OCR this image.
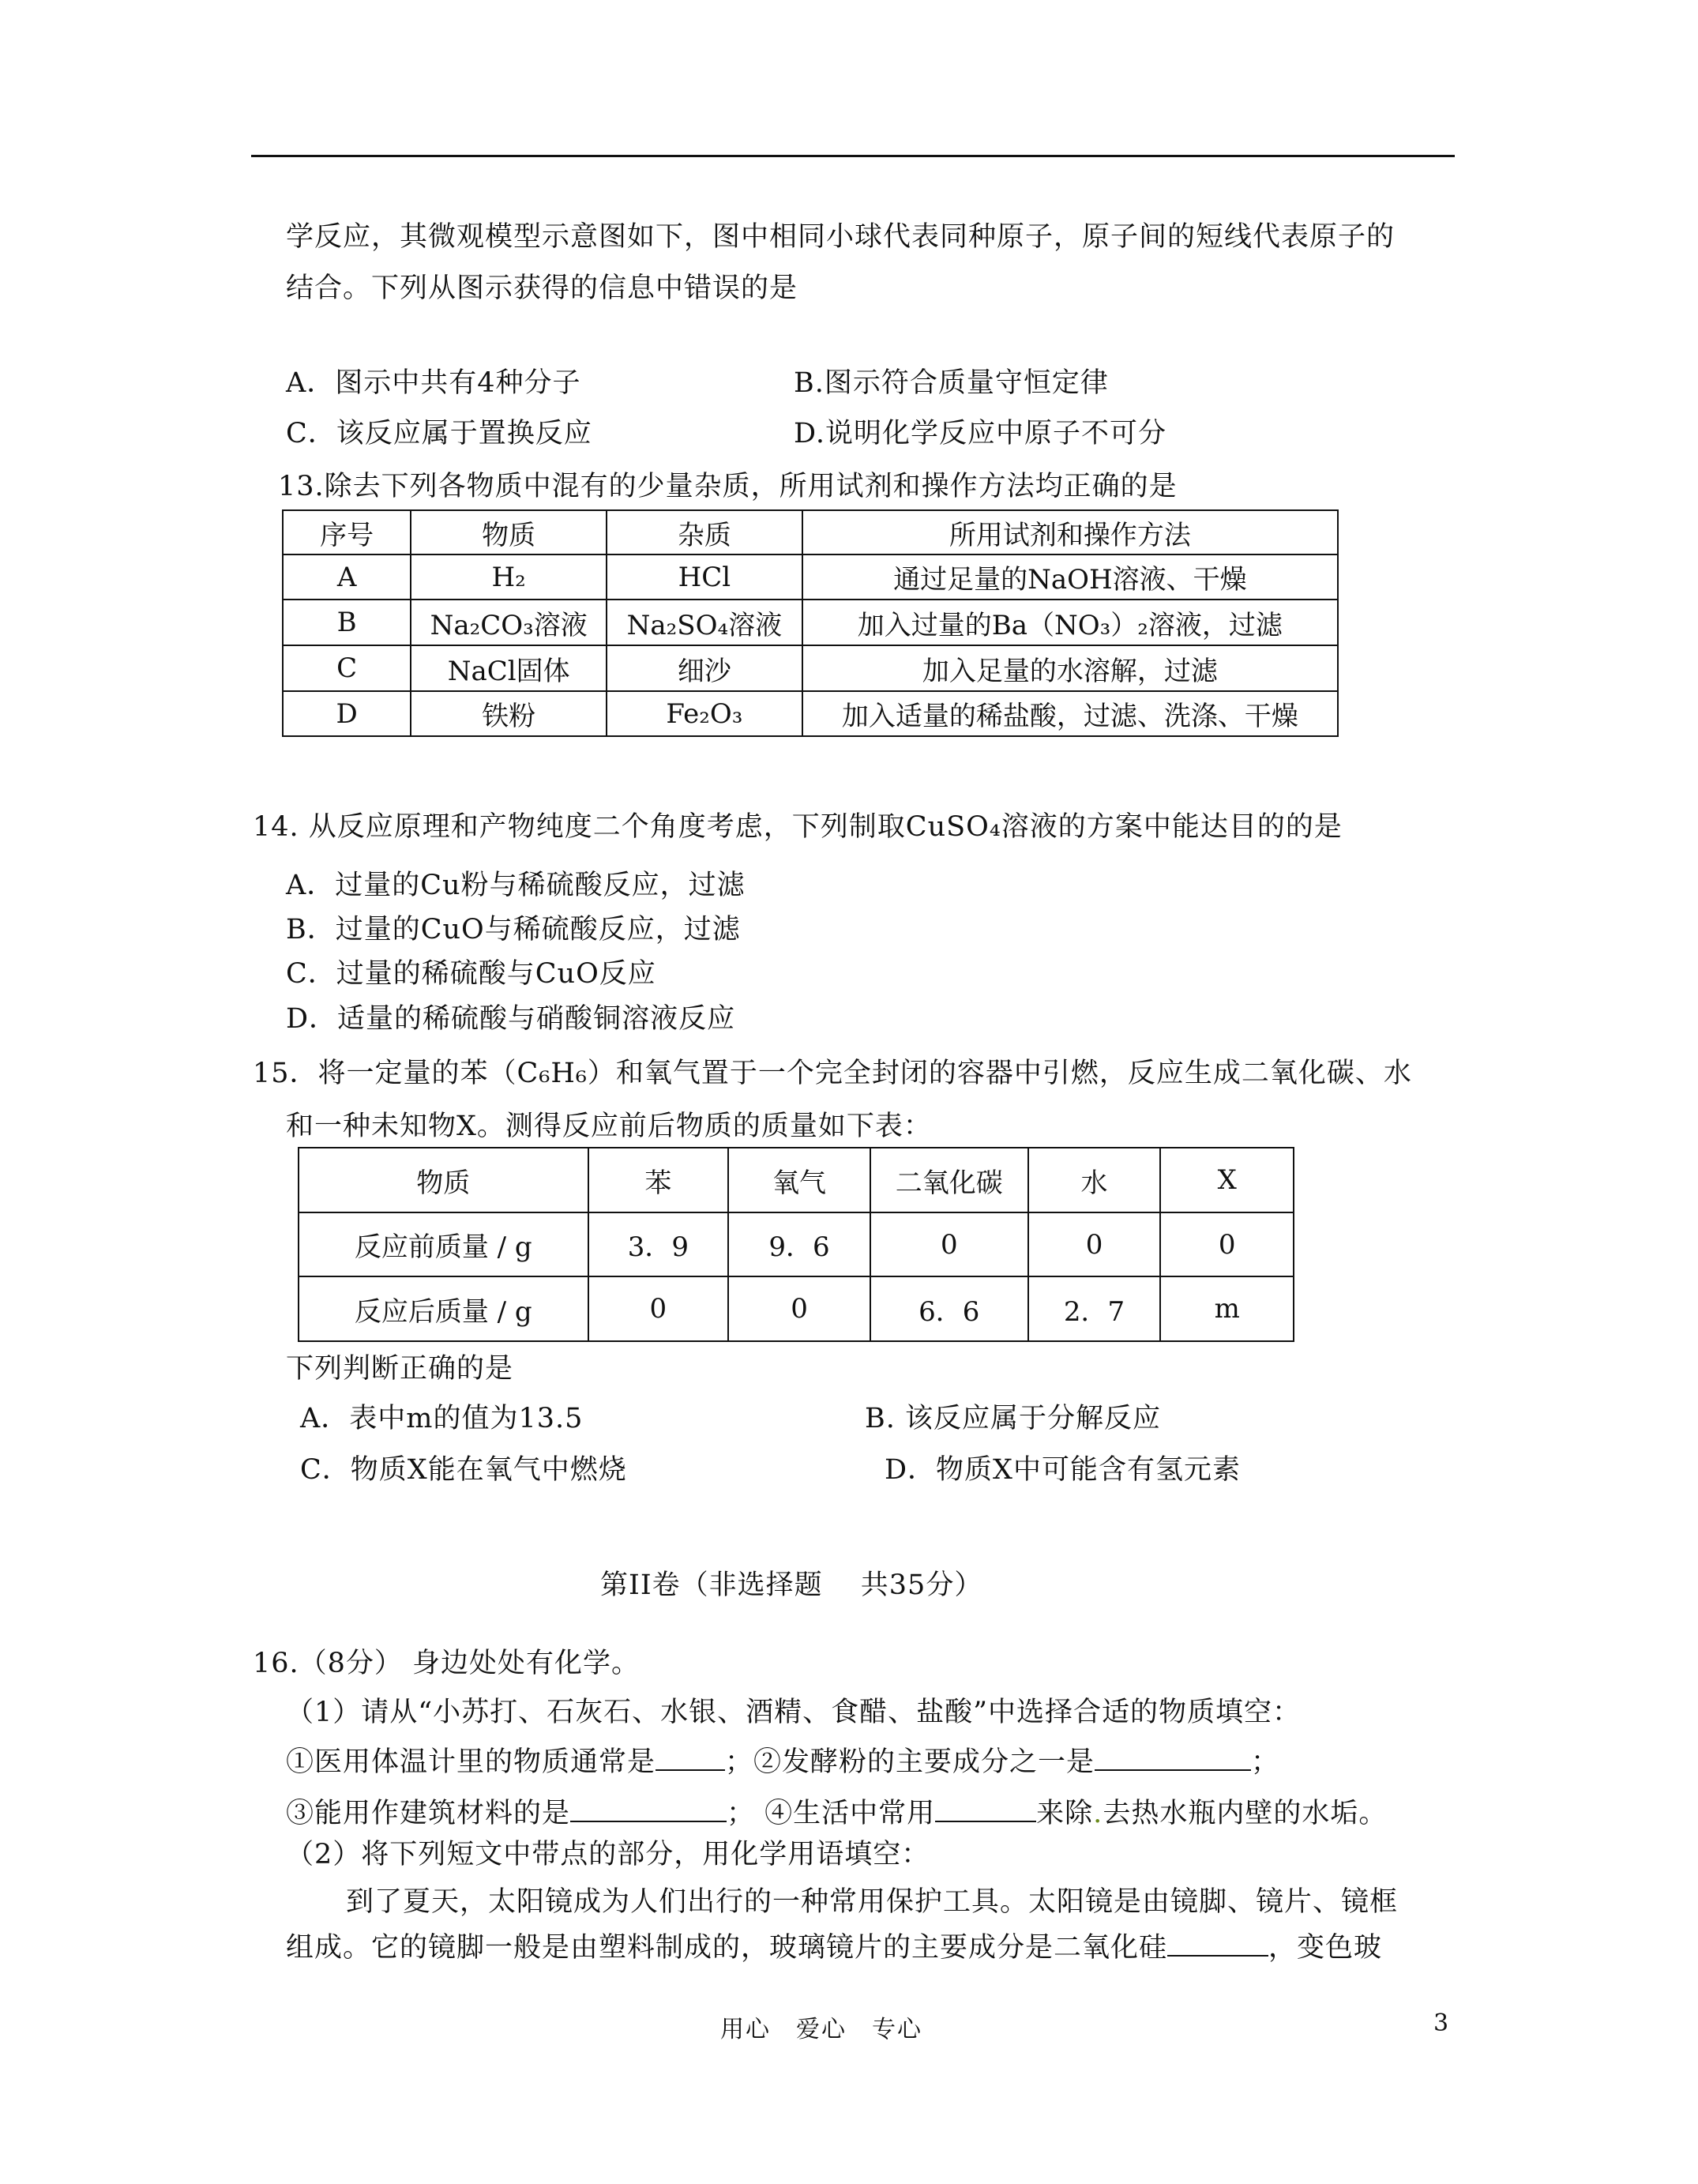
学反应，其微观模型示意图如下，图中相同小球代表同种原子，原子间的短线代表原子的
结合。下列从图示获得的信息中错误的是
A．图示中共有4种分子	B.图示符合质量守恒定律
C．该反应属于置换反应	D.说明化学反应中原子不可分
13.除去下列各物质中混有的少量杂质，所用试剂和操作方法均正确的是
序号	物质	杂质	所用试剂和操作方法
A	H₂	HCl	通过足量的NaOH溶液、干燥
B	Na₂CO₃溶液	Na₂SO₄溶液	加入过量的Ba（NO₃）₂溶液，过滤
C	NaCl固体	细沙	加入足量的水溶解，过滤
D	铁粉	Fe₂O₃	加入适量的稀盐酸，过滤、洗涤、干燥
14. 从反应原理和产物纯度二个角度考虑，下列制取CuSO₄溶液的方案中能达目的的是
A．过量的Cu粉与稀硫酸反应，过滤
B．过量的CuO与稀硫酸反应，过滤
C．过量的稀硫酸与CuO反应
D．适量的稀硫酸与硝酸铜溶液反应
15．将一定量的苯（C₆H₆）和氧气置于一个完全封闭的容器中引燃，反应生成二氧化碳、水
和一种未知物X。测得反应前后物质的质量如下表：
物质	苯	氧气	二氧化碳	水	X
反应前质量 / g	3．9	9．6	0	0	0
反应后质量 / g	0	0	6．6	2．7	m
下列判断正确的是
A．表中m的值为13.5	B. 该反应属于分解反应
C．物质X能在氧气中燃烧	D．物质X中可能含有氢元素
第II卷（非选择题　 共35分）
16.（8分） 身边处处有化学。
（1）请从“小苏打、石灰石、水银、酒精、食醋、盐酸”中选择合适的物质填空：
①医用体温计里的物质通常是	；②发酵粉的主要成分之一是	；
③能用作建筑材料的是	； ④生活中常用	来除.去热水瓶内壁的水垢。
（2）将下列短文中带点的部分，用化学用语填空：
到了夏天，太阳镜成为人们出行的一种常用保护工具。太阳镜是由镜脚、镜片、镜框
组成。它的镜脚一般是由塑料制成的，玻璃镜片的主要成分是二氧化硅	，变色玻
用心　爱心　专心	3
